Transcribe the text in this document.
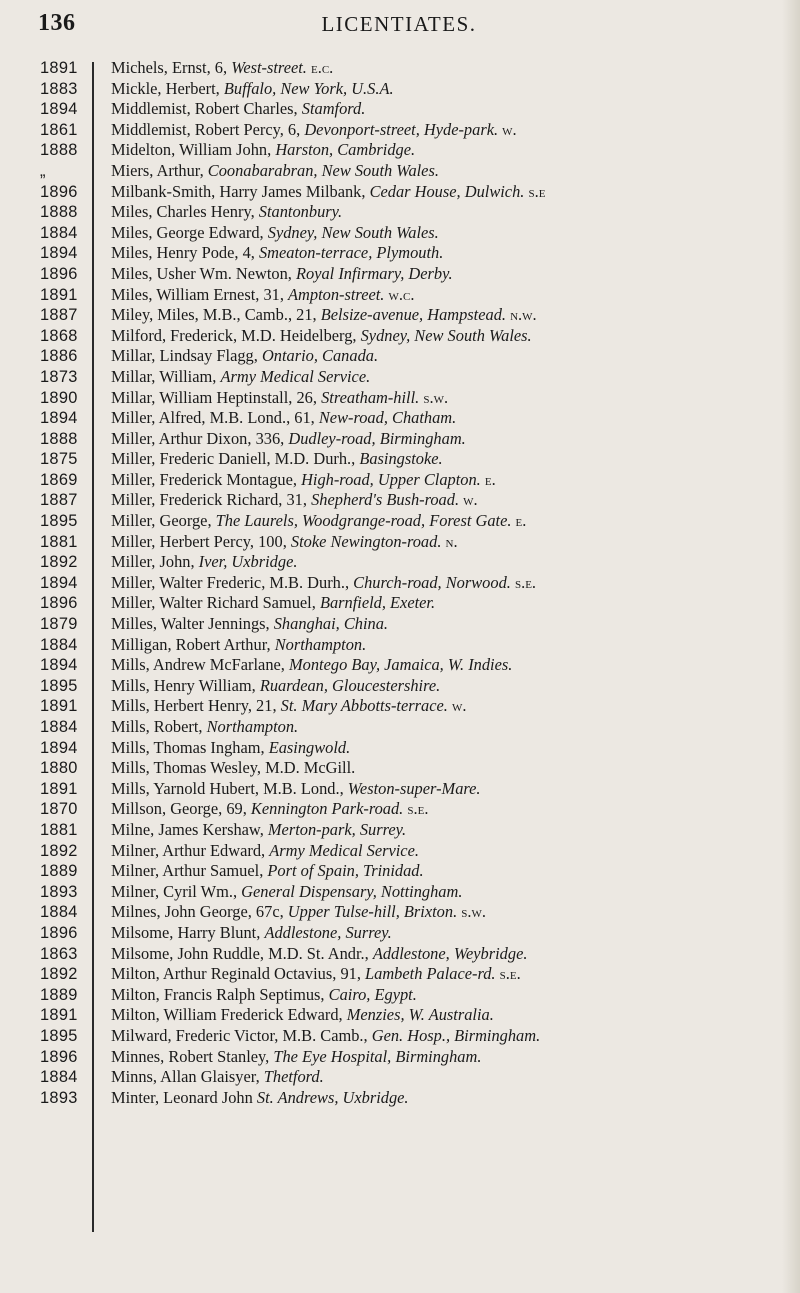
136	LICENTIATES.
1891	Michels, Ernst, 6, West-street. e.c.
1883	Mickle, Herbert, Buffalo, New York, U.S.A.
1894	Middlemist, Robert Charles, Stamford.
1861	Middlemist, Robert Percy, 6, Devonport-street, Hyde-park. w.
1888	Midelton, William John, Harston, Cambridge.
„	Miers, Arthur, Coonabarabran, New South Wales.
1896	Milbank-Smith, Harry James Milbank, Cedar House, Dulwich. s.e
1888	Miles, Charles Henry, Stantonbury.
1884	Miles, George Edward, Sydney, New South Wales.
1894	Miles, Henry Pode, 4, Smeaton-terrace, Plymouth.
1896	Miles, Usher Wm. Newton, Royal Infirmary, Derby.
1891	Miles, William Ernest, 31, Ampton-street. w.c.
1887	Miley, Miles, M.B., Camb., 21, Belsize-avenue, Hampstead. n.w.
1868	Milford, Frederick, M.D. Heidelberg, Sydney, New South Wales.
1886	Millar, Lindsay Flagg, Ontario, Canada.
1873	Millar, William, Army Medical Service.
1890	Millar, William Heptinstall, 26, Streatham-hill. s.w.
1894	Miller, Alfred, M.B. Lond., 61, New-road, Chatham.
1888	Miller, Arthur Dixon, 336, Dudley-road, Birmingham.
1875	Miller, Frederic Daniell, M.D. Durh., Basingstoke.
1869	Miller, Frederick Montague, High-road, Upper Clapton. e.
1887	Miller, Frederick Richard, 31, Shepherd's Bush-road. w.
1895	Miller, George, The Laurels, Woodgrange-road, Forest Gate. e.
1881	Miller, Herbert Percy, 100, Stoke Newington-road. n.
1892	Miller, John, Iver, Uxbridge.
1894	Miller, Walter Frederic, M.B. Durh., Church-road, Norwood. s.e.
1896	Miller, Walter Richard Samuel, Barnfield, Exeter.
1879	Milles, Walter Jennings, Shanghai, China.
1884	Milligan, Robert Arthur, Northampton.
1894	Mills, Andrew McFarlane, Montego Bay, Jamaica, W. Indies.
1895	Mills, Henry William, Ruardean, Gloucestershire.
1891	Mills, Herbert Henry, 21, St. Mary Abbotts-terrace. w.
1884	Mills, Robert, Northampton.
1894	Mills, Thomas Ingham, Easingwold.
1880	Mills, Thomas Wesley, M.D. McGill.
1891	Mills, Yarnold Hubert, M.B. Lond., Weston-super-Mare.
1870	Millson, George, 69, Kennington Park-road. s.e.
1881	Milne, James Kershaw, Merton-park, Surrey.
1892	Milner, Arthur Edward, Army Medical Service.
1889	Milner, Arthur Samuel, Port of Spain, Trinidad.
1893	Milner, Cyril Wm., General Dispensary, Nottingham.
1884	Milnes, John George, 67c, Upper Tulse-hill, Brixton. s.w.
1896	Milsome, Harry Blunt, Addlestone, Surrey.
1863	Milsome, John Ruddle, M.D. St. Andr., Addlestone, Weybridge.
1892	Milton, Arthur Reginald Octavius, 91, Lambeth Palace-rd. s.e.
1889	Milton, Francis Ralph Septimus, Cairo, Egypt.
1891	Milton, William Frederick Edward, Menzies, W. Australia.
1895	Milward, Frederic Victor, M.B. Camb., Gen. Hosp., Birmingham.
1896	Minnes, Robert Stanley, The Eye Hospital, Birmingham.
1884	Minns, Allan Glaisyer, Thetford.
1893	Minter, Leonard John St. Andrews, Uxbridge.
